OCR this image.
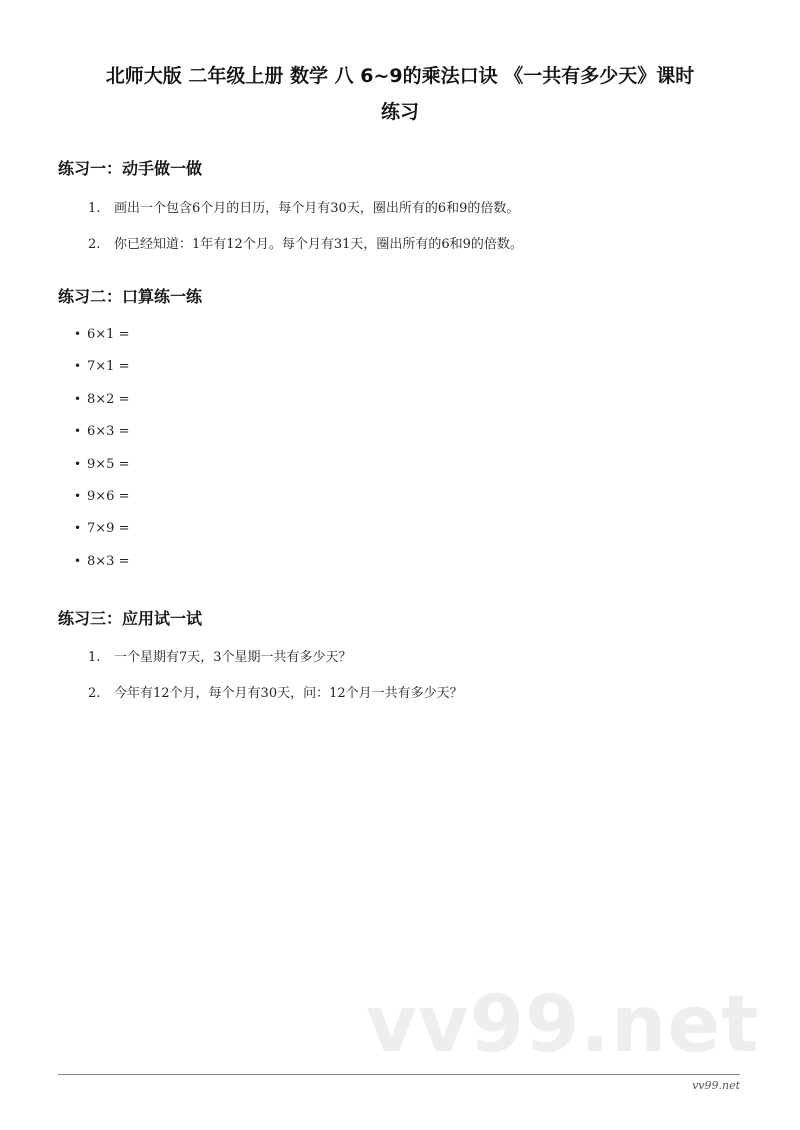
北师大版 二年级上册 数学 八 6~9的乘法口诀 《一共有多少天》课时
练习
练习一：动手做一做
1. 画出一个包含6个月的日历，每个月有30天，圈出所有的6和9的倍数。
2. 你已经知道：1年有12个月。每个月有31天，圈出所有的6和9的倍数。
练习二：口算练一练
• 6×1 =
• 7×1 =
• 8×2 =
• 6×3 =
• 9×5 =
• 9×6 =
• 7×9 =
• 8×3 =
练习三：应用试一试
1. 一个星期有7天，3个星期一共有多少天？
2. 今年有12个月，每个月有30天，问：12个月一共有多少天？
vv99.net
vv99.net
